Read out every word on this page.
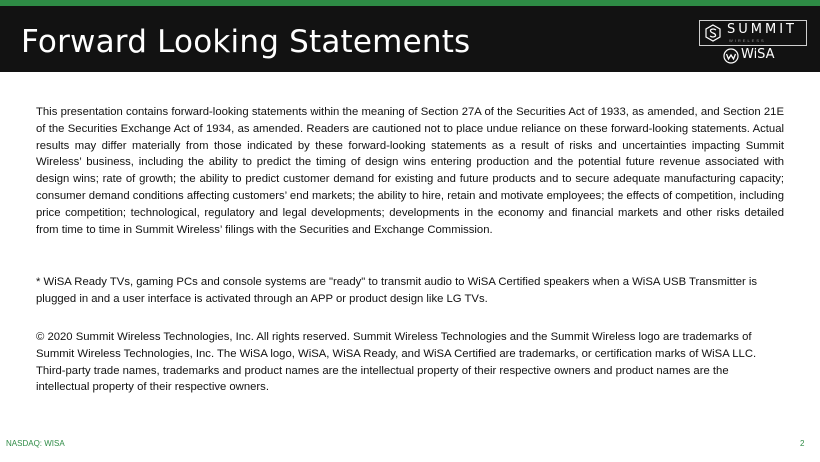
Forward Looking Statements	SUMMIT
WIRELESS
WiSA

This presentation contains forward-looking statements within the meaning of Section 27A of the Securities Act of 1933, as amended, and Section 21E of the Securities Exchange Act of 1934, as amended. Readers are cautioned not to place undue reliance on these forward-looking statements. Actual results may differ materially from those indicated by these forward-looking statements as a result of risks and uncertainties impacting Summit Wireless’ business, including the ability to predict the timing of design wins entering production and the potential future revenue associated with design wins; rate of growth; the ability to predict customer demand for existing and future products and to secure adequate manufacturing capacity; consumer demand conditions affecting customers’ end markets; the ability to hire, retain and motivate employees; the effects of competition, including price competition; technological, regulatory and legal developments; developments in the economy and financial markets and other risks detailed from time to time in Summit Wireless’ filings with the Securities and Exchange Commission.

* WiSA Ready TVs, gaming PCs and console systems are "ready" to transmit audio to WiSA Certified speakers when a WiSA USB Transmitter is plugged in and a user interface is activated through an APP or product design like LG TVs.

© 2020 Summit Wireless Technologies, Inc. All rights reserved. Summit Wireless Technologies and the Summit Wireless logo are trademarks of Summit Wireless Technologies, Inc. The WiSA logo, WiSA, WiSA Ready, and WiSA Certified are trademarks, or certification marks of WiSA LLC. Third-party trade names, trademarks and product names are the intellectual property of their respective owners and product names are the intellectual property of their respective owners.

NASDAQ: WISA	2
